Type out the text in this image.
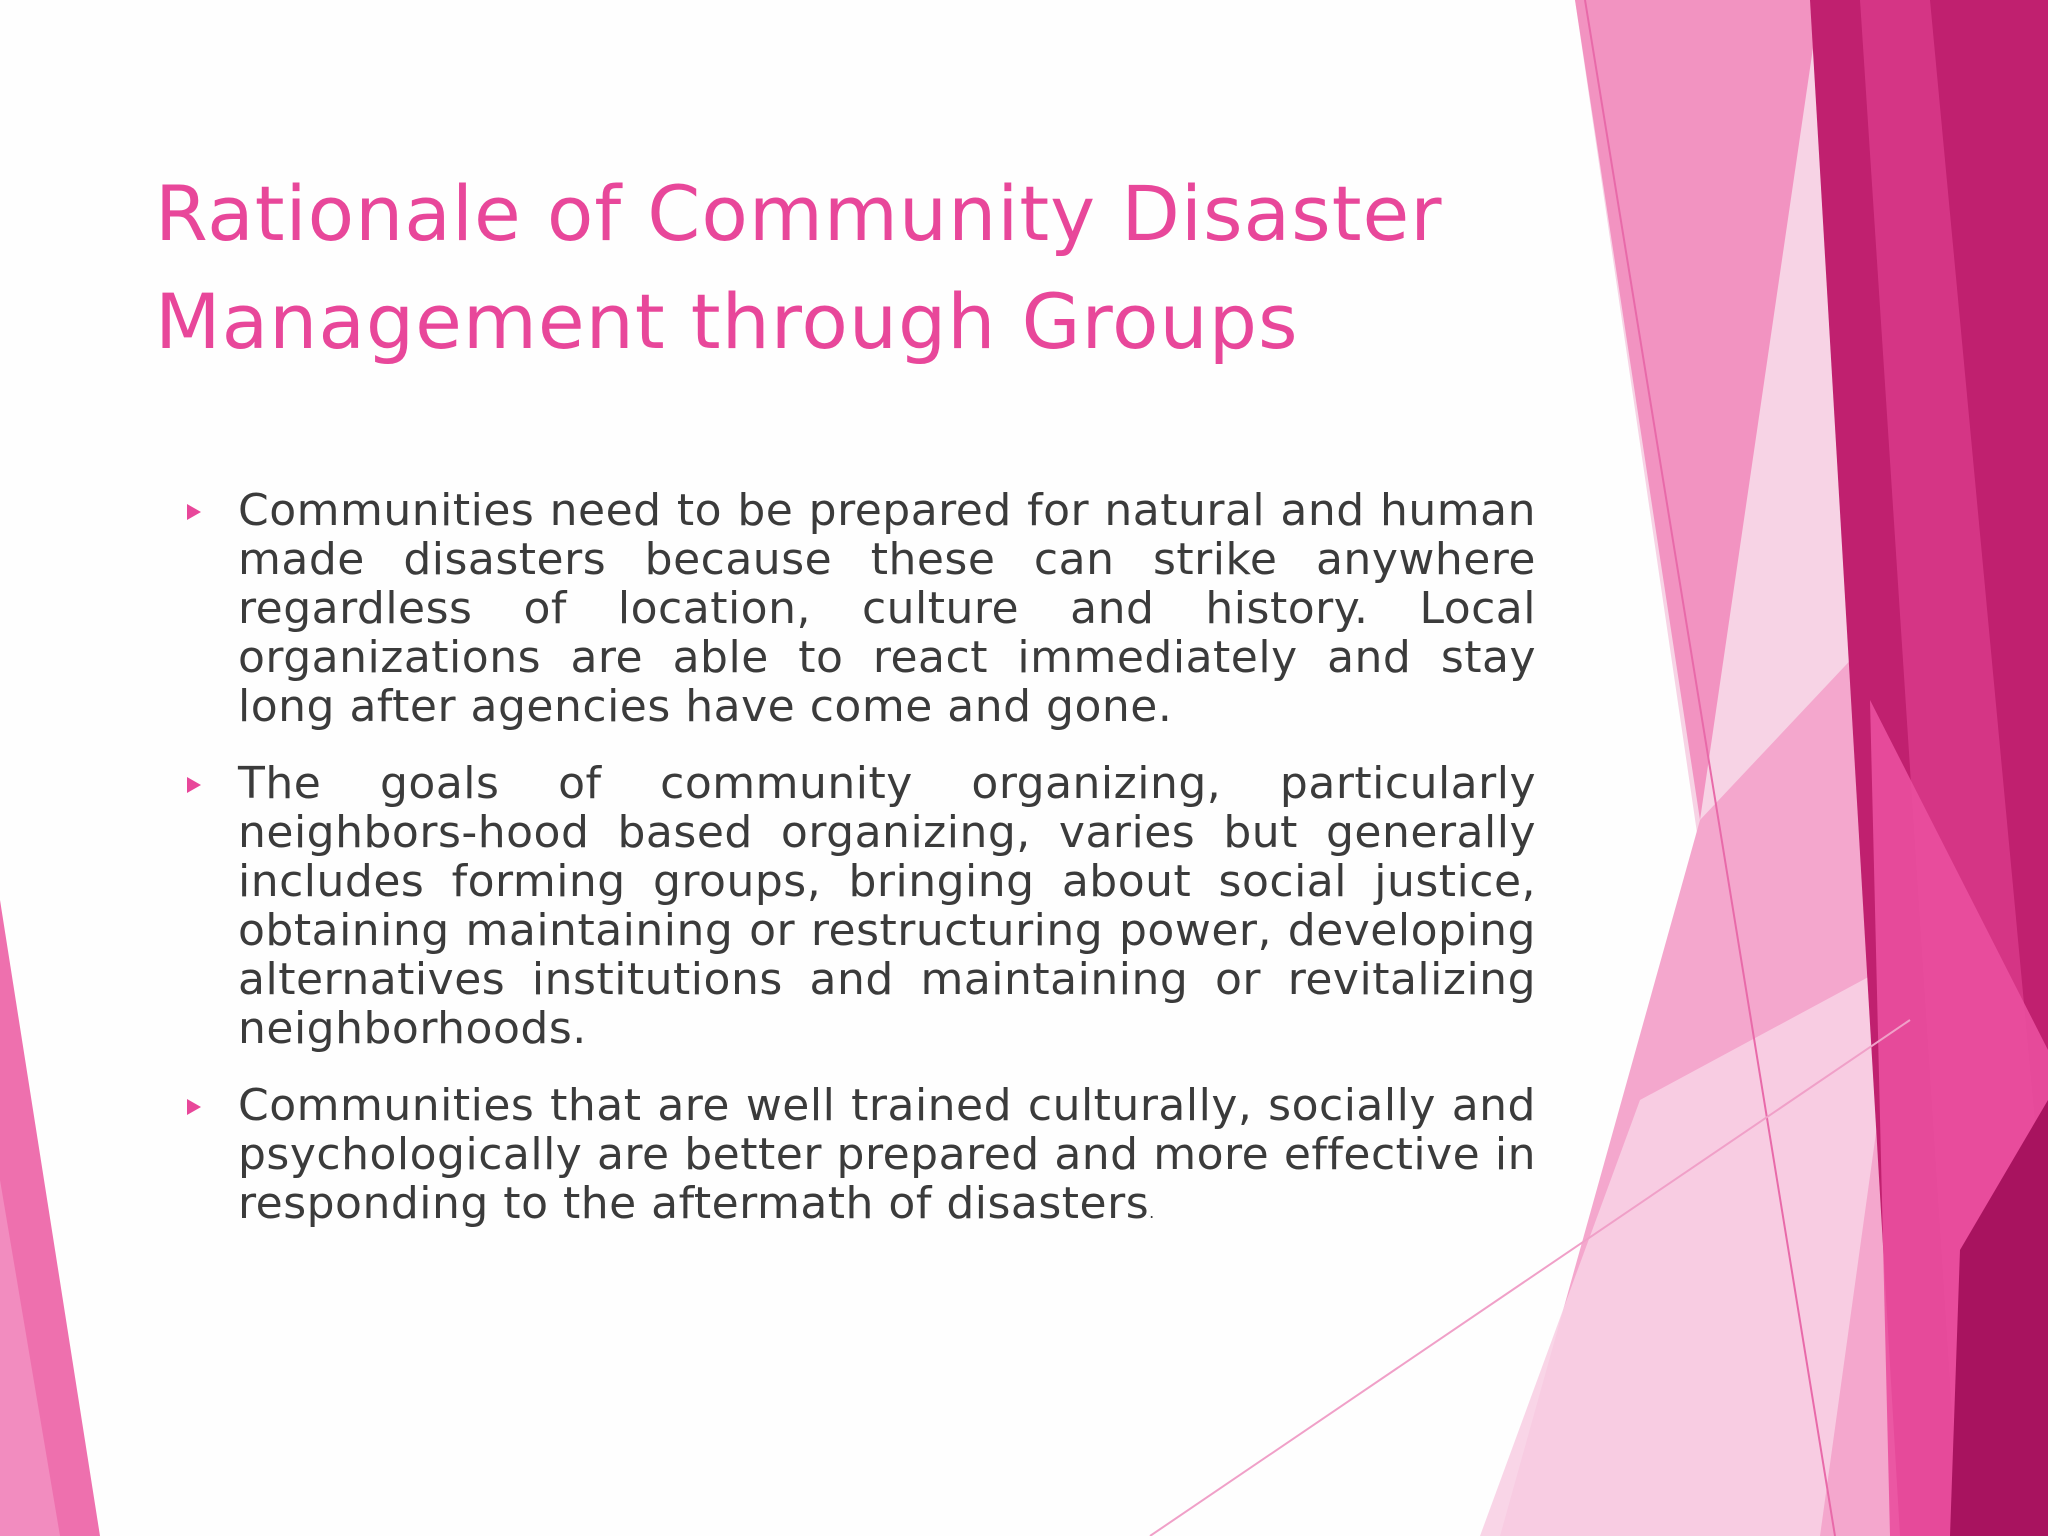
Rationale of Community Disaster Management through Groups
Communities need to be prepared for natural and human made disasters because these can strike anywhere regardless of location, culture and history. Local organizations are able to react immediately and stay long after agencies have come and gone.
The goals of community organizing, particularly neighbors-hood based organizing, varies but generally includes forming groups, bringing about social justice, obtaining maintaining or restructuring power, developing alternatives institutions and maintaining or revitalizing neighborhoods.
Communities that are well trained culturally, socially and psychologically are better prepared and more effective in responding to the aftermath of disasters.
